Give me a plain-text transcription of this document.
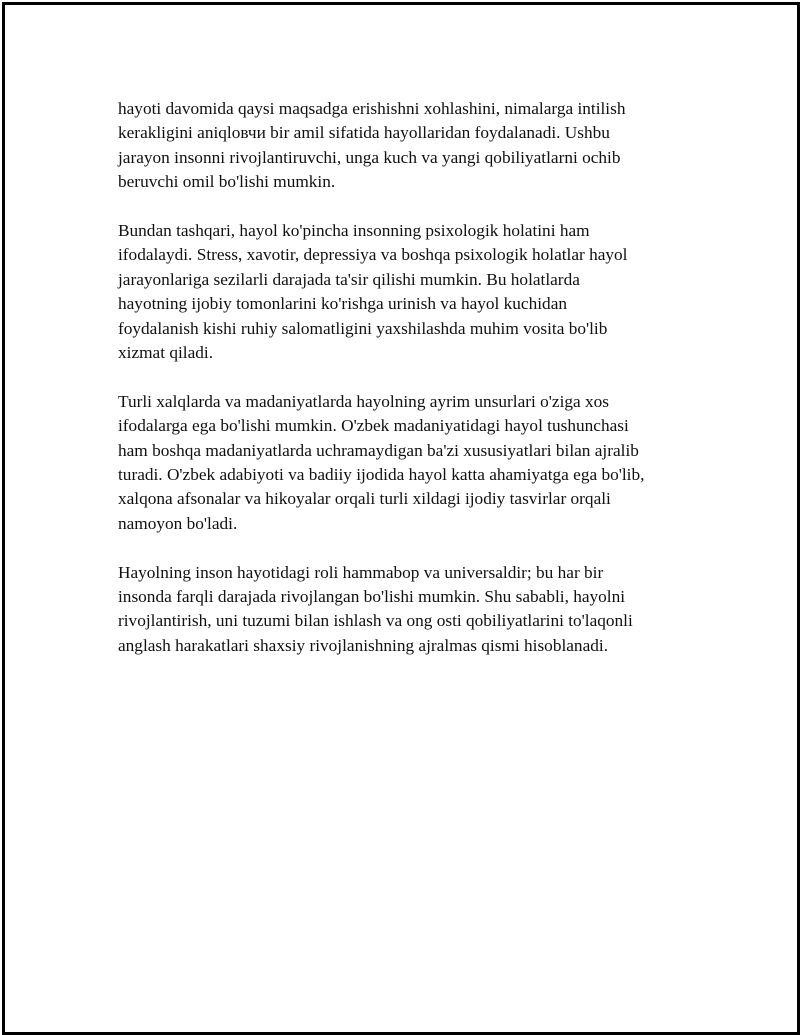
hayoti davomida qaysi maqsadga erishishni xohlashini, nimalarga intilish
kerakligini aniqlовчи bir amil sifatida hayollaridan foydalanadi. Ushbu
jarayon insonni rivojlantiruvchi, unga kuch va yangi qobiliyatlarni ochib
beruvchi omil bo'lishi mumkin.

Bundan tashqari, hayol ko'pincha insonning psixologik holatini ham
ifodalaydi. Stress, xavotir, depressiya va boshqa psixologik holatlar hayol
jarayonlariga sezilarli darajada ta'sir qilishi mumkin. Bu holatlarda
hayotning ijobiy tomonlarini ko'rishga urinish va hayol kuchidan
foydalanish kishi ruhiy salomatligini yaxshilashda muhim vosita bo'lib
xizmat qiladi.

Turli xalqlarda va madaniyatlarda hayolning ayrim unsurlari o'ziga xos
ifodalarga ega bo'lishi mumkin. O'zbek madaniyatidagi hayol tushunchasi
ham boshqa madaniyatlarda uchramaydigan ba'zi xususiyatlari bilan ajralib
turadi. O'zbek adabiyoti va badiiy ijodida hayol katta ahamiyatga ega bo'lib,
xalqona afsonalar va hikoyalar orqali turli xildagi ijodiy tasvirlar orqali
namoyon bo'ladi.

Hayolning inson hayotidagi roli hammabop va universaldir; bu har bir
insonda farqli darajada rivojlangan bo'lishi mumkin. Shu sababli, hayolni
rivojlantirish, uni tuzumi bilan ishlash va ong osti qobiliyatlarini to'laqonli
anglash harakatlari shaxsiy rivojlanishning ajralmas qismi hisoblanadi.
